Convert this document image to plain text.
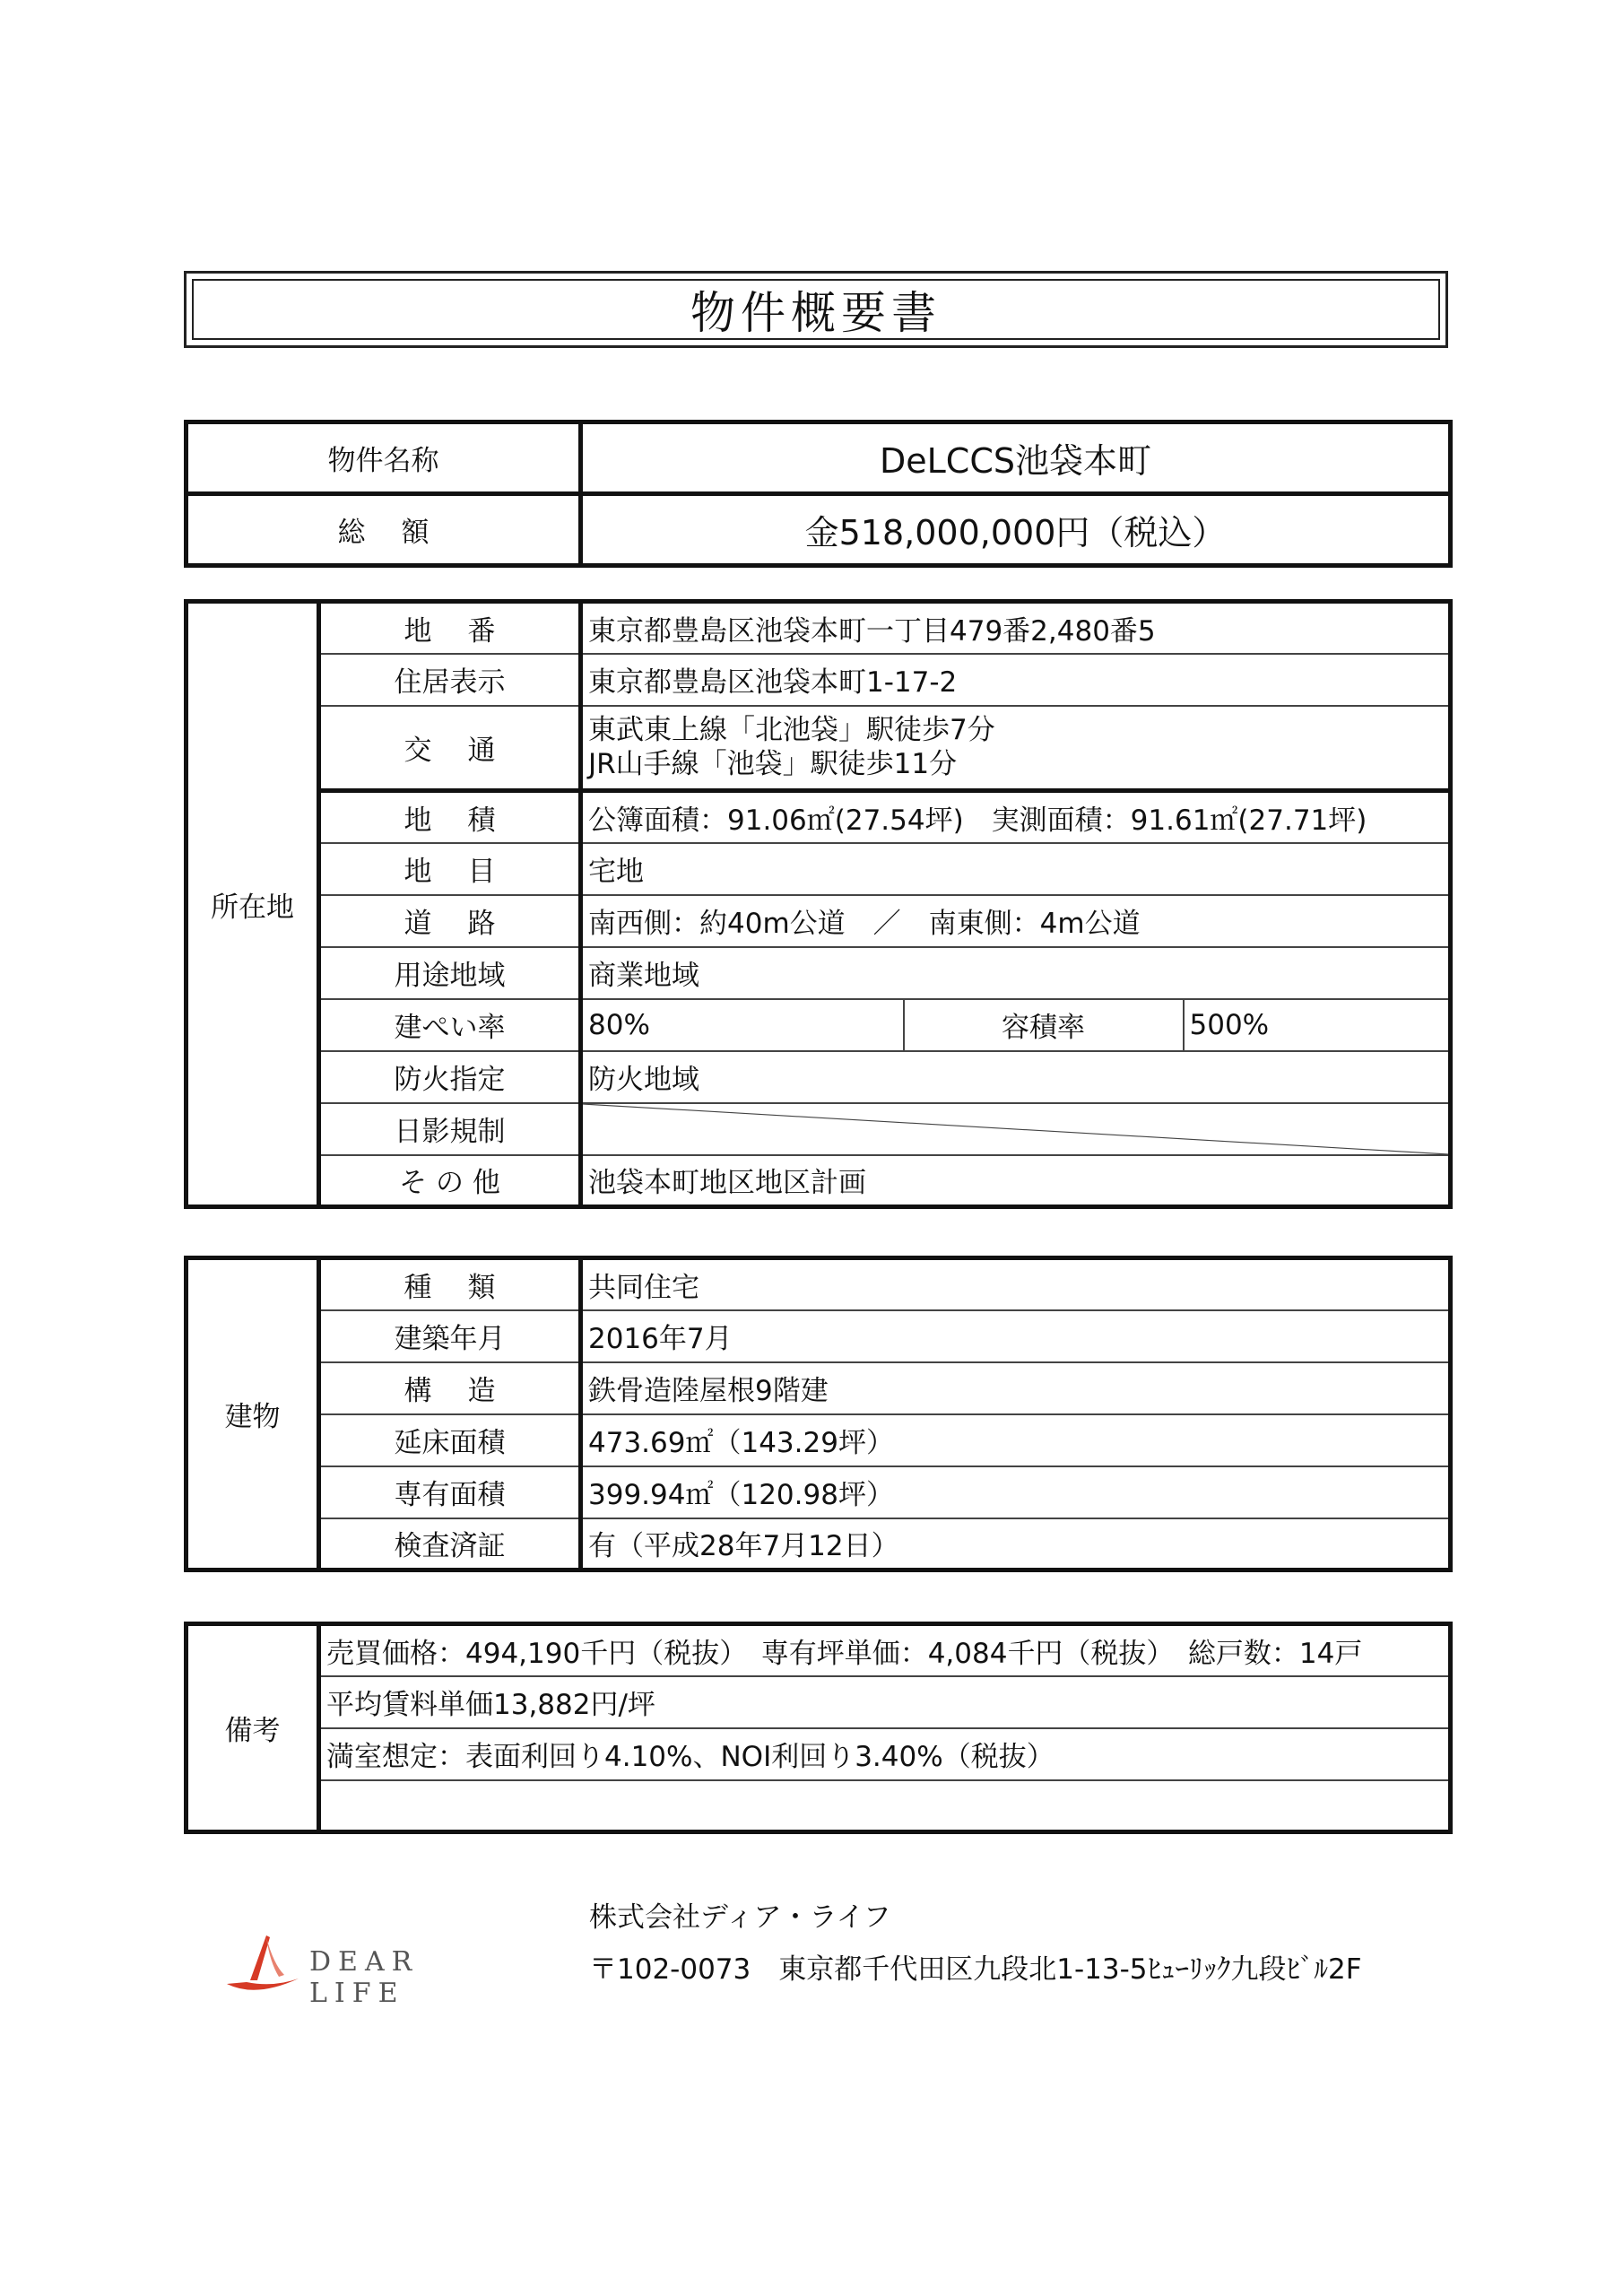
物件概要書
物件名称	DeLCCS池袋本町
総額	金518,000,000円（税込）
所在地	地番	東京都豊島区池袋本町一丁目479番2,480番5		
	住居表示	東京都豊島区池袋本町1-17-2		
	交通	東武東上線「北池袋」駅徒歩7分
JR山手線「池袋」駅徒歩11分		

	地積	公簿面積：91.06㎡(27.54坪)　実測面積：91.61㎡(27.71坪)		
	地目	宅地		
	道路	南西側：約40m公道　／　南東側：4m公道		
	用途地域	商業地域		
	建ぺい率	80%	容積率	500%
	防火指定	防火地域		
	日影規制	

	そ の 他	池袋本町地区地区計画		
建物	種類	共同住宅
	建築年月	2016年7月
	構造	鉄骨造陸屋根9階建
	延床面積	473.69㎡（143.29坪）
	専有面積	399.94㎡（120.98坪）
	検査済証	有（平成28年7月12日）
備考	売買価格：494,190千円（税抜）　専有坪単価：4,084千円（税抜）　総戸数：14戸
平均賃料単価13,882円/坪
満室想定：表面利回り4.10%、NOI利回り3.40%（税抜）

DEAR LIFE
株式会社ディア・ライフ
〒102-0073　東京都千代田区九段北1-13-5ﾋｭｰﾘｯｸ九段ﾋﾞﾙ2F
